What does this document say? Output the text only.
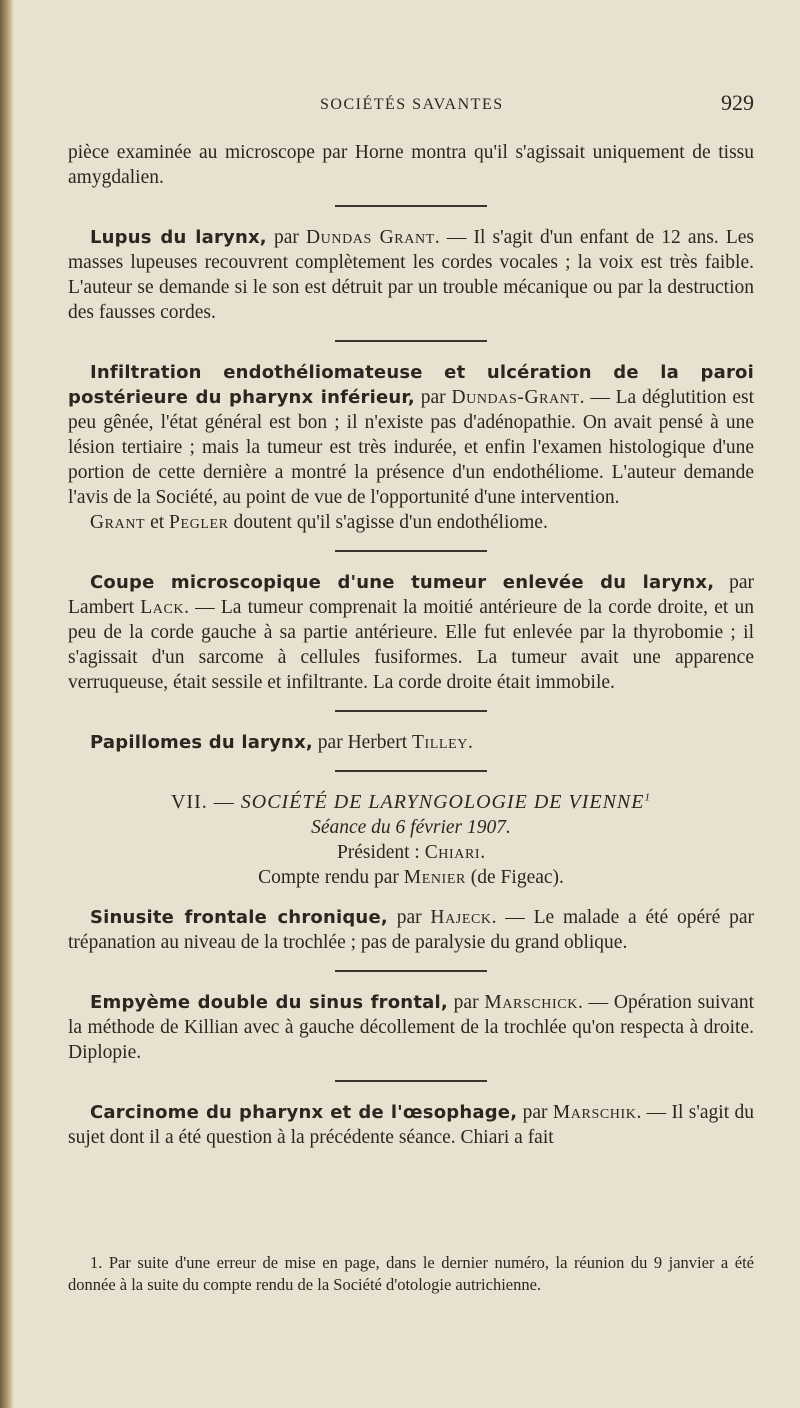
SOCIÉTÉS SAVANTES	929

pièce examinée au microscope par Horne montra qu'il s'agissait uniquement de tissu amygdalien.

Lupus du larynx, par Dundas Grant. — Il s'agit d'un enfant de 12 ans. Les masses lupeuses recouvrent complètement les cordes vocales ; la voix est très faible. L'auteur se demande si le son est détruit par un trouble mécanique ou par la destruction des fausses cordes.

Infiltration endothéliomateuse et ulcération de la paroi postérieure du pharynx inférieur, par Dundas-Grant. — La déglutition est peu gênée, l'état général est bon ; il n'existe pas d'adénopathie. On avait pensé à une lésion tertiaire ; mais la tumeur est très indurée, et enfin l'examen histologique d'une portion de cette dernière a montré la présence d'un endothéliome. L'auteur demande l'avis de la Société, au point de vue de l'opportunité d'une intervention.

Grant et Pegler doutent qu'il s'agisse d'un endothéliome.

Coupe microscopique d'une tumeur enlevée du larynx, par Lambert Lack. — La tumeur comprenait la moitié antérieure de la corde droite, et un peu de la corde gauche à sa partie antérieure. Elle fut enlevée par la thyrobomie ; il s'agissait d'un sarcome à cellules fusiformes. La tumeur avait une apparence verruqueuse, était sessile et infiltrante. La corde droite était immobile.

Papillomes du larynx, par Herbert Tilley.

VII. — SOCIÉTÉ DE LARYNGOLOGIE DE VIENNE$^1$

Séance du 6 février 1907.

Président : Chiari.

Compte rendu par Menier (de Figeac).

Sinusite frontale chronique, par Hajeck. — Le malade a été opéré par trépanation au niveau de la trochlée ; pas de paralysie du grand oblique.

Empyème double du sinus frontal, par Marschick. — Opération suivant la méthode de Killian avec à gauche décollement de la trochlée qu'on respecta à droite. Diplopie.

Carcinome du pharynx et de l'œsophage, par Marschik. — Il s'agit du sujet dont il a été question à la précédente séance. Chiari a fait

1. Par suite d'une erreur de mise en page, dans le dernier numéro, la réunion du 9 janvier a été donnée à la suite du compte rendu de la Société d'otologie autrichienne.
